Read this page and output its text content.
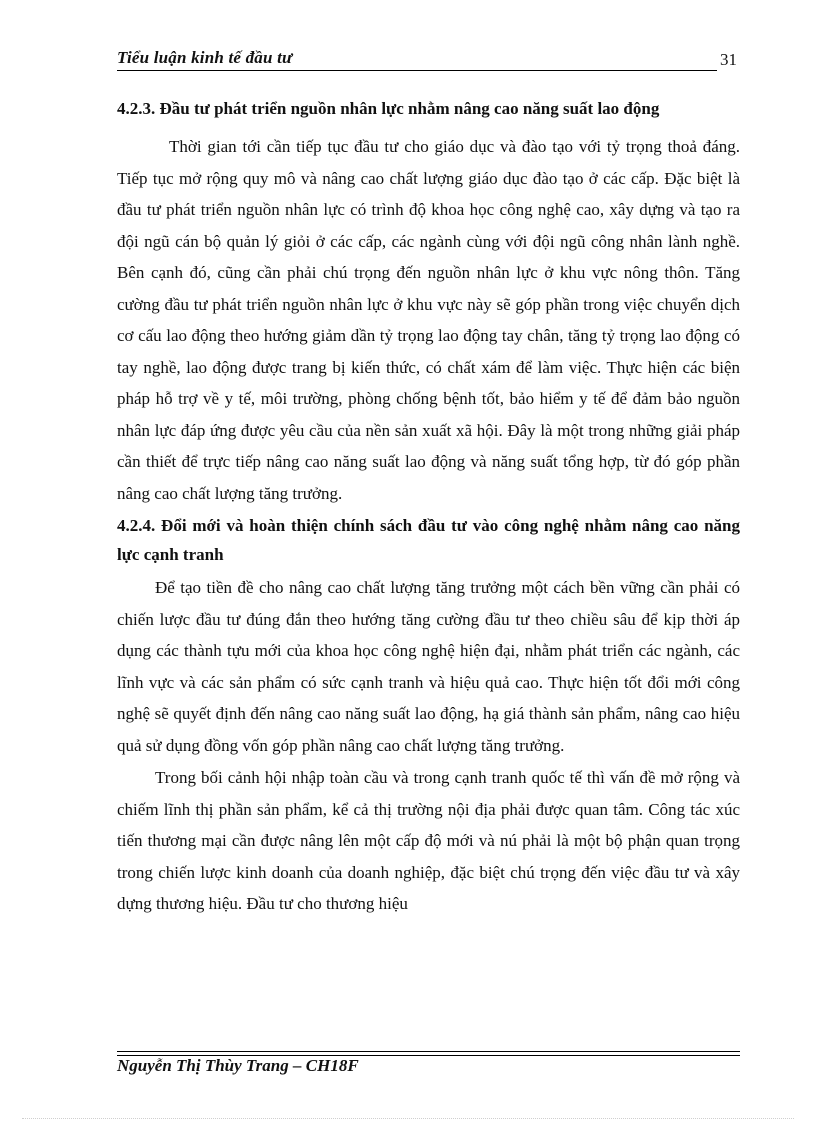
Tiểu luận kinh tế đầu tư	31

4.2.3. Đầu tư phát triển nguồn nhân lực nhằm nâng cao năng suất lao động

Thời gian tới cần tiếp tục đầu tư cho giáo dục và đào tạo với tỷ trọng thoả đáng. Tiếp tục mở rộng quy mô và nâng cao chất lượng giáo dục đào tạo ở các cấp. Đặc biệt là đầu tư phát triển nguồn nhân lực có trình độ khoa học công nghệ cao, xây dựng và tạo ra đội ngũ cán bộ quản lý giỏi ở các cấp, các ngành cùng với đội ngũ công nhân lành nghề. Bên cạnh đó, cũng cần phải chú trọng đến nguồn nhân lực ở khu vực nông thôn. Tăng cường đầu tư phát triển nguồn nhân lực ở khu vực này sẽ góp phần trong việc chuyển dịch cơ cấu lao động theo hướng giảm dần tỷ trọng lao động tay chân, tăng tỷ trọng lao động có tay nghề, lao động được trang bị kiến thức, có chất xám để làm việc. Thực hiện các biện pháp hỗ trợ về y tế, môi trường, phòng chống bệnh tốt, bảo hiểm y tế để đảm bảo nguồn nhân lực đáp ứng được yêu cầu của nền sản xuất xã hội. Đây là một trong những giải pháp cần thiết để trực tiếp nâng cao năng suất lao động và năng suất tổng hợp, từ đó góp phần nâng cao chất lượng tăng trưởng.

4.2.4. Đổi mới và hoàn thiện chính sách đầu tư vào công nghệ nhằm nâng cao năng lực cạnh tranh

Để tạo tiền đề cho nâng cao chất lượng tăng trưởng một cách bền vững cần phải có chiến lược đầu tư đúng đắn theo hướng tăng cường đầu tư theo chiều sâu để kịp thời áp dụng các thành tựu mới của khoa học công nghệ hiện đại, nhằm phát triển các ngành, các lĩnh vực và các sản phẩm có sức cạnh tranh và hiệu quả cao. Thực hiện tốt đổi mới công nghệ sẽ quyết định đến nâng cao năng suất lao động, hạ giá thành sản phẩm, nâng cao hiệu quả sử dụng đồng vốn góp phần nâng cao chất lượng tăng trưởng.

Trong bối cảnh hội nhập toàn cầu và trong cạnh tranh quốc tế thì vấn đề mở rộng và chiếm lĩnh thị phần sản phẩm, kể cả thị trường nội địa phải được quan tâm. Công tác xúc tiến thương mại cần được nâng lên một cấp độ mới và nú phải là một bộ phận quan trọng trong chiến lược kinh doanh của doanh nghiệp, đặc biệt chú trọng đến việc đầu tư và xây dựng thương hiệu. Đầu tư cho thương hiệu

Nguyễn Thị Thùy Trang – CH18F
